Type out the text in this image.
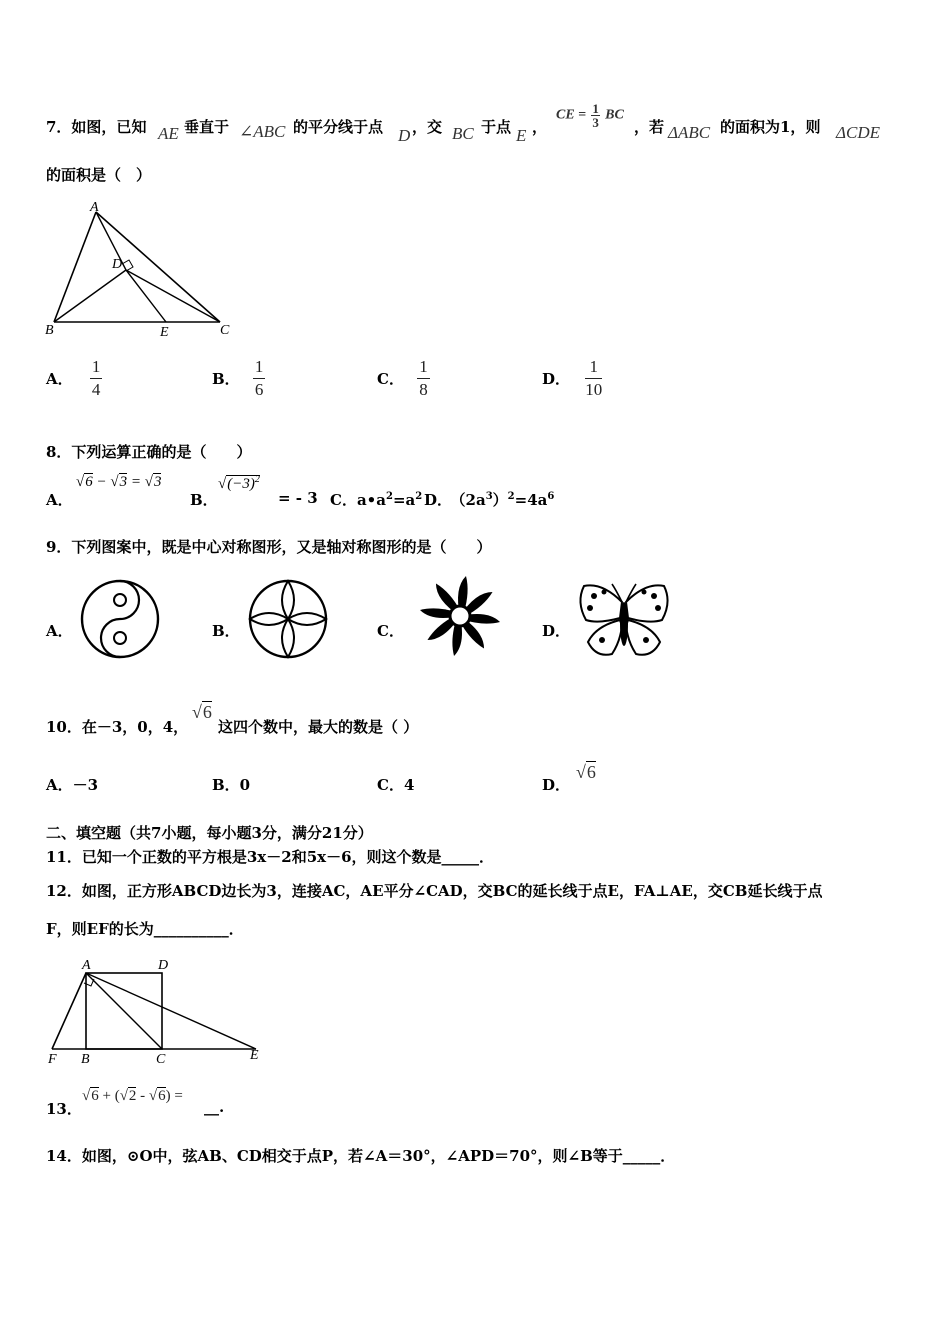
7．如图，已知 AE 垂直于 ∠ABC 的平分线于点 D ，交 BC 于点 E ，
CE = $\frac{1}{3}$ BC
，若 ΔABC 的面积为1，则 ΔCDE
的面积是（　）
A
B	C
D
E
A． $\frac{1}{4}$	B． $\frac{1}{6}$	C． $\frac{1}{8}$	D． $\frac{1}{10}$
8．下列运算正确的是（　　）
A．
√6 − √3 = √3
B．
$√(-3)^2$
= - 3 C．$a•a^2=a^2$ D． $(2a^3)^2=4a^6$
9．下列图案中，既是中心对称图形，又是轴对称图形的是（　　）
A．	B．	C．	D．
10．在－3，0，4，
√6
这四个数中，最大的数是（ ）
A．－3	B．0	C．4	D．
√6
二、填空题（共7小题，每小题3分，满分21分）
11．已知一个正数的平方根是3x－2和5x－6，则这个数是_____．
12．如图，正方形ABCD边长为3，连接AC，AE平分∠CAD，交BC的延长线于点E，FA⊥AE，交CB延长线于点
F，则EF的长为__________．
A	D
F B	C	E
13．
√6 + (√2 - √6) =
__.
14．如图，⊙O中，弦AB、CD相交于点P，若∠A＝30°，∠APD＝70°，则∠B等于_____．
